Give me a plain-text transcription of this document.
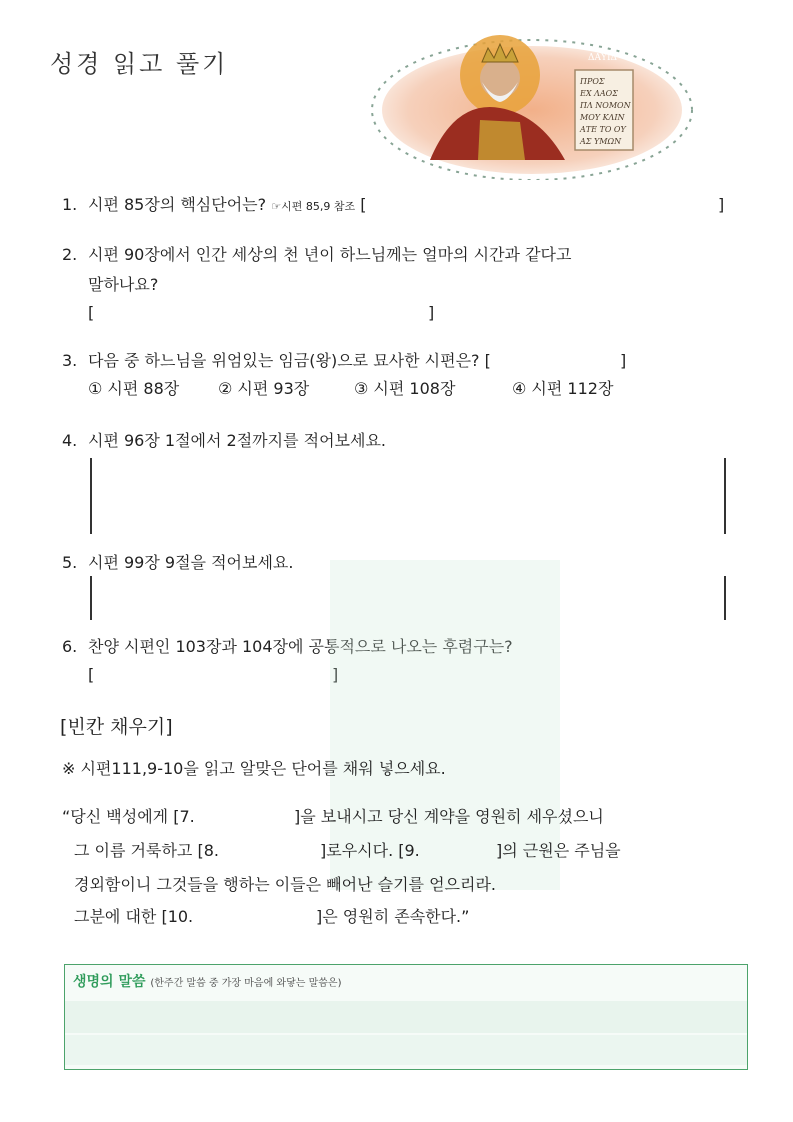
성경 읽고 풀기
ΠΡΟΣ
ΕΧ ΛΑΟΣ
ΠΛ ΝΟΜΟΝ
ΜΟΥ ΚΛΙΝ
ΑΤΕ ΤΟ ΟΥ
ΑΣ ΥΜΩΝ
ΔΑΥΙΔ
1. 시편 85장의 핵심단어는? ☞시편 85,9 참조 [	]
2. 시편 90장에서 인간 세상의 천 년이 하느님께는 얼마의 시간과 같다고
말하나요?
[	]
3. 다음 중 하느님을 위엄있는 임금(왕)으로 묘사한 시편은? [	]
① 시편 88장 ② 시편 93장	③ 시편 108장	④ 시편 112장
4. 시편 96장 1절에서 2절까지를 적어보세요.
5. 시편 99장 9절을 적어보세요.
6. 찬양 시편인 103장과 104장에 공통적으로 나오는 후렴구는?
[	]
[빈칸 채우기]
※ 시편111,9-10을 읽고 알맞은 단어를 채워 넣으세요.
“당신 백성에게 [7.	]을 보내시고 당신 계약을 영원히 세우셨으니
그 이름 거룩하고 [8.	]로우시다. [9.	]의 근원은 주님을
경외함이니 그것들을 행하는 이들은 빼어난 슬기를 얻으리라.
그분에 대한 [10.	]은 영원히 존속한다.”
생명의 말씀 (한주간 말씀 중 가장 마음에 와닿는 말씀은)
